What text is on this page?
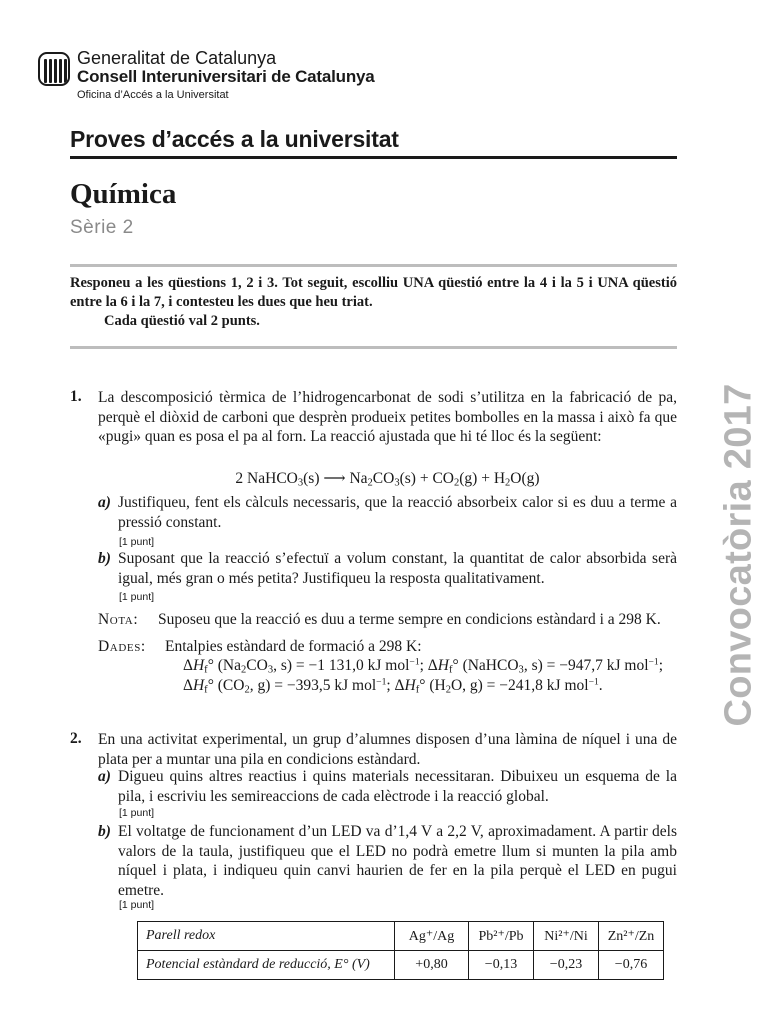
Generalitat de Catalunya
Consell Interuniversitari de Catalunya
Oficina d’Accés a la Universitat
Proves d’accés a la universitat
Química
Sèrie 2
Responeu a les qüestions 1, 2 i 3. Tot seguit, escolliu UNA qüestió entre la 4 i la 5 i UNA qüestió entre la 6 i la 7, i contesteu les dues que heu triat.
Cada qüestió val 2 punts.
Convocatòria 2017
1. La descomposició tèrmica de l’hidrogencarbonat de sodi s’utilitza en la fabricació de pa, perquè el diòxid de carboni que desprèn produeix petites bombolles en la massa i això fa que «pugi» quan es posa el pa al forn. La reacció ajustada que hi té lloc és la següent:
2 NaHCO$_3$(s) ⟶ $Na_2CO_3(s) + CO_2(g) + H_2O(g)$
a) Justifiqueu, fent els càlculs necessaris, que la reacció absorbeix calor si es duu a terme a pressió constant.
[1 punt]
b) Suposant que la reacció s’efectuï a volum constant, la quantitat de calor absorbida serà igual, més gran o més petita? Justifiqueu la resposta qualitativament.
[1 punt]
Nota: Suposeu que la reacció es duu a terme sempre en condicions estàndard i a 298 K.
Dades: Entalpies estàndard de formació a 298 K:
$\Delta H_f^\circ$ ($Na_2CO_3$, s) = −1 131,0 kJ mol$^{-1}$; $\Delta H_f^\circ$ (NaHCO$_3$, s) = −947,7 kJ mol$^{-1}$;
$\Delta H_f^\circ$ ($CO_2$, g) = −393,5 kJ mol$^{-1}$; $\Delta H_f^\circ$ ($H_2O$, g) = −241,8 kJ mol$^{-1}$.
2. En una activitat experimental, un grup d’alumnes disposen d’una làmina de níquel i una de plata per a muntar una pila en condicions estàndard.
a) Digueu quins altres reactius i quins materials necessitaran. Dibuixeu un esquema de la pila, i escriviu les semireaccions de cada elèctrode i la reacció global.
[1 punt]
b) El voltatge de funcionament d’un LED va d’1,4 V a 2,2 V, aproximadament. A partir dels valors de la taula, justifiqueu que el LED no podrà emetre llum si munten la pila amb níquel i plata, i indiqueu quin canvi haurien de fer en la pila perquè el LED en pugui emetre.
[1 punt]
Parell redox	Ag⁺/Ag	Pb²⁺/Pb	Ni²⁺/Ni	Zn²⁺/Zn
Potencial estàndard de reducció, E° (V)	+0,80	−0,13	−0,23	−0,76
